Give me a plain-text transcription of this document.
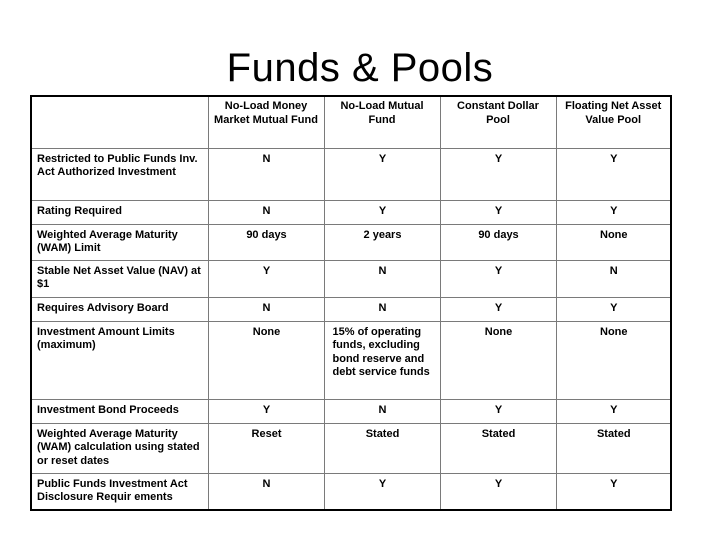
Funds & Pools
	No-Load Money Market Mutual Fund	No-Load Mutual Fund	Constant Dollar Pool	Floating Net Asset Value Pool
Restricted to Public Funds Inv. Act Authorized Investment	N	Y	Y	Y
Rating Required	N	Y	Y	Y
Weighted Average Maturity (WAM) Limit	90 days	2 years	90 days	None
Stable Net Asset Value (NAV) at $1	Y	N	Y	N
Requires Advisory Board	N	N	Y	Y
Investment Amount Limits (maximum)	None	15% of operating funds, excluding bond reserve and debt service funds	None	None
Investment Bond Proceeds	Y	N	Y	Y
Weighted Average Maturity (WAM) calculation using stated or reset dates	Reset	Stated	Stated	Stated
Public Funds Investment Act Disclosure Requir ements	N	Y	Y	Y
